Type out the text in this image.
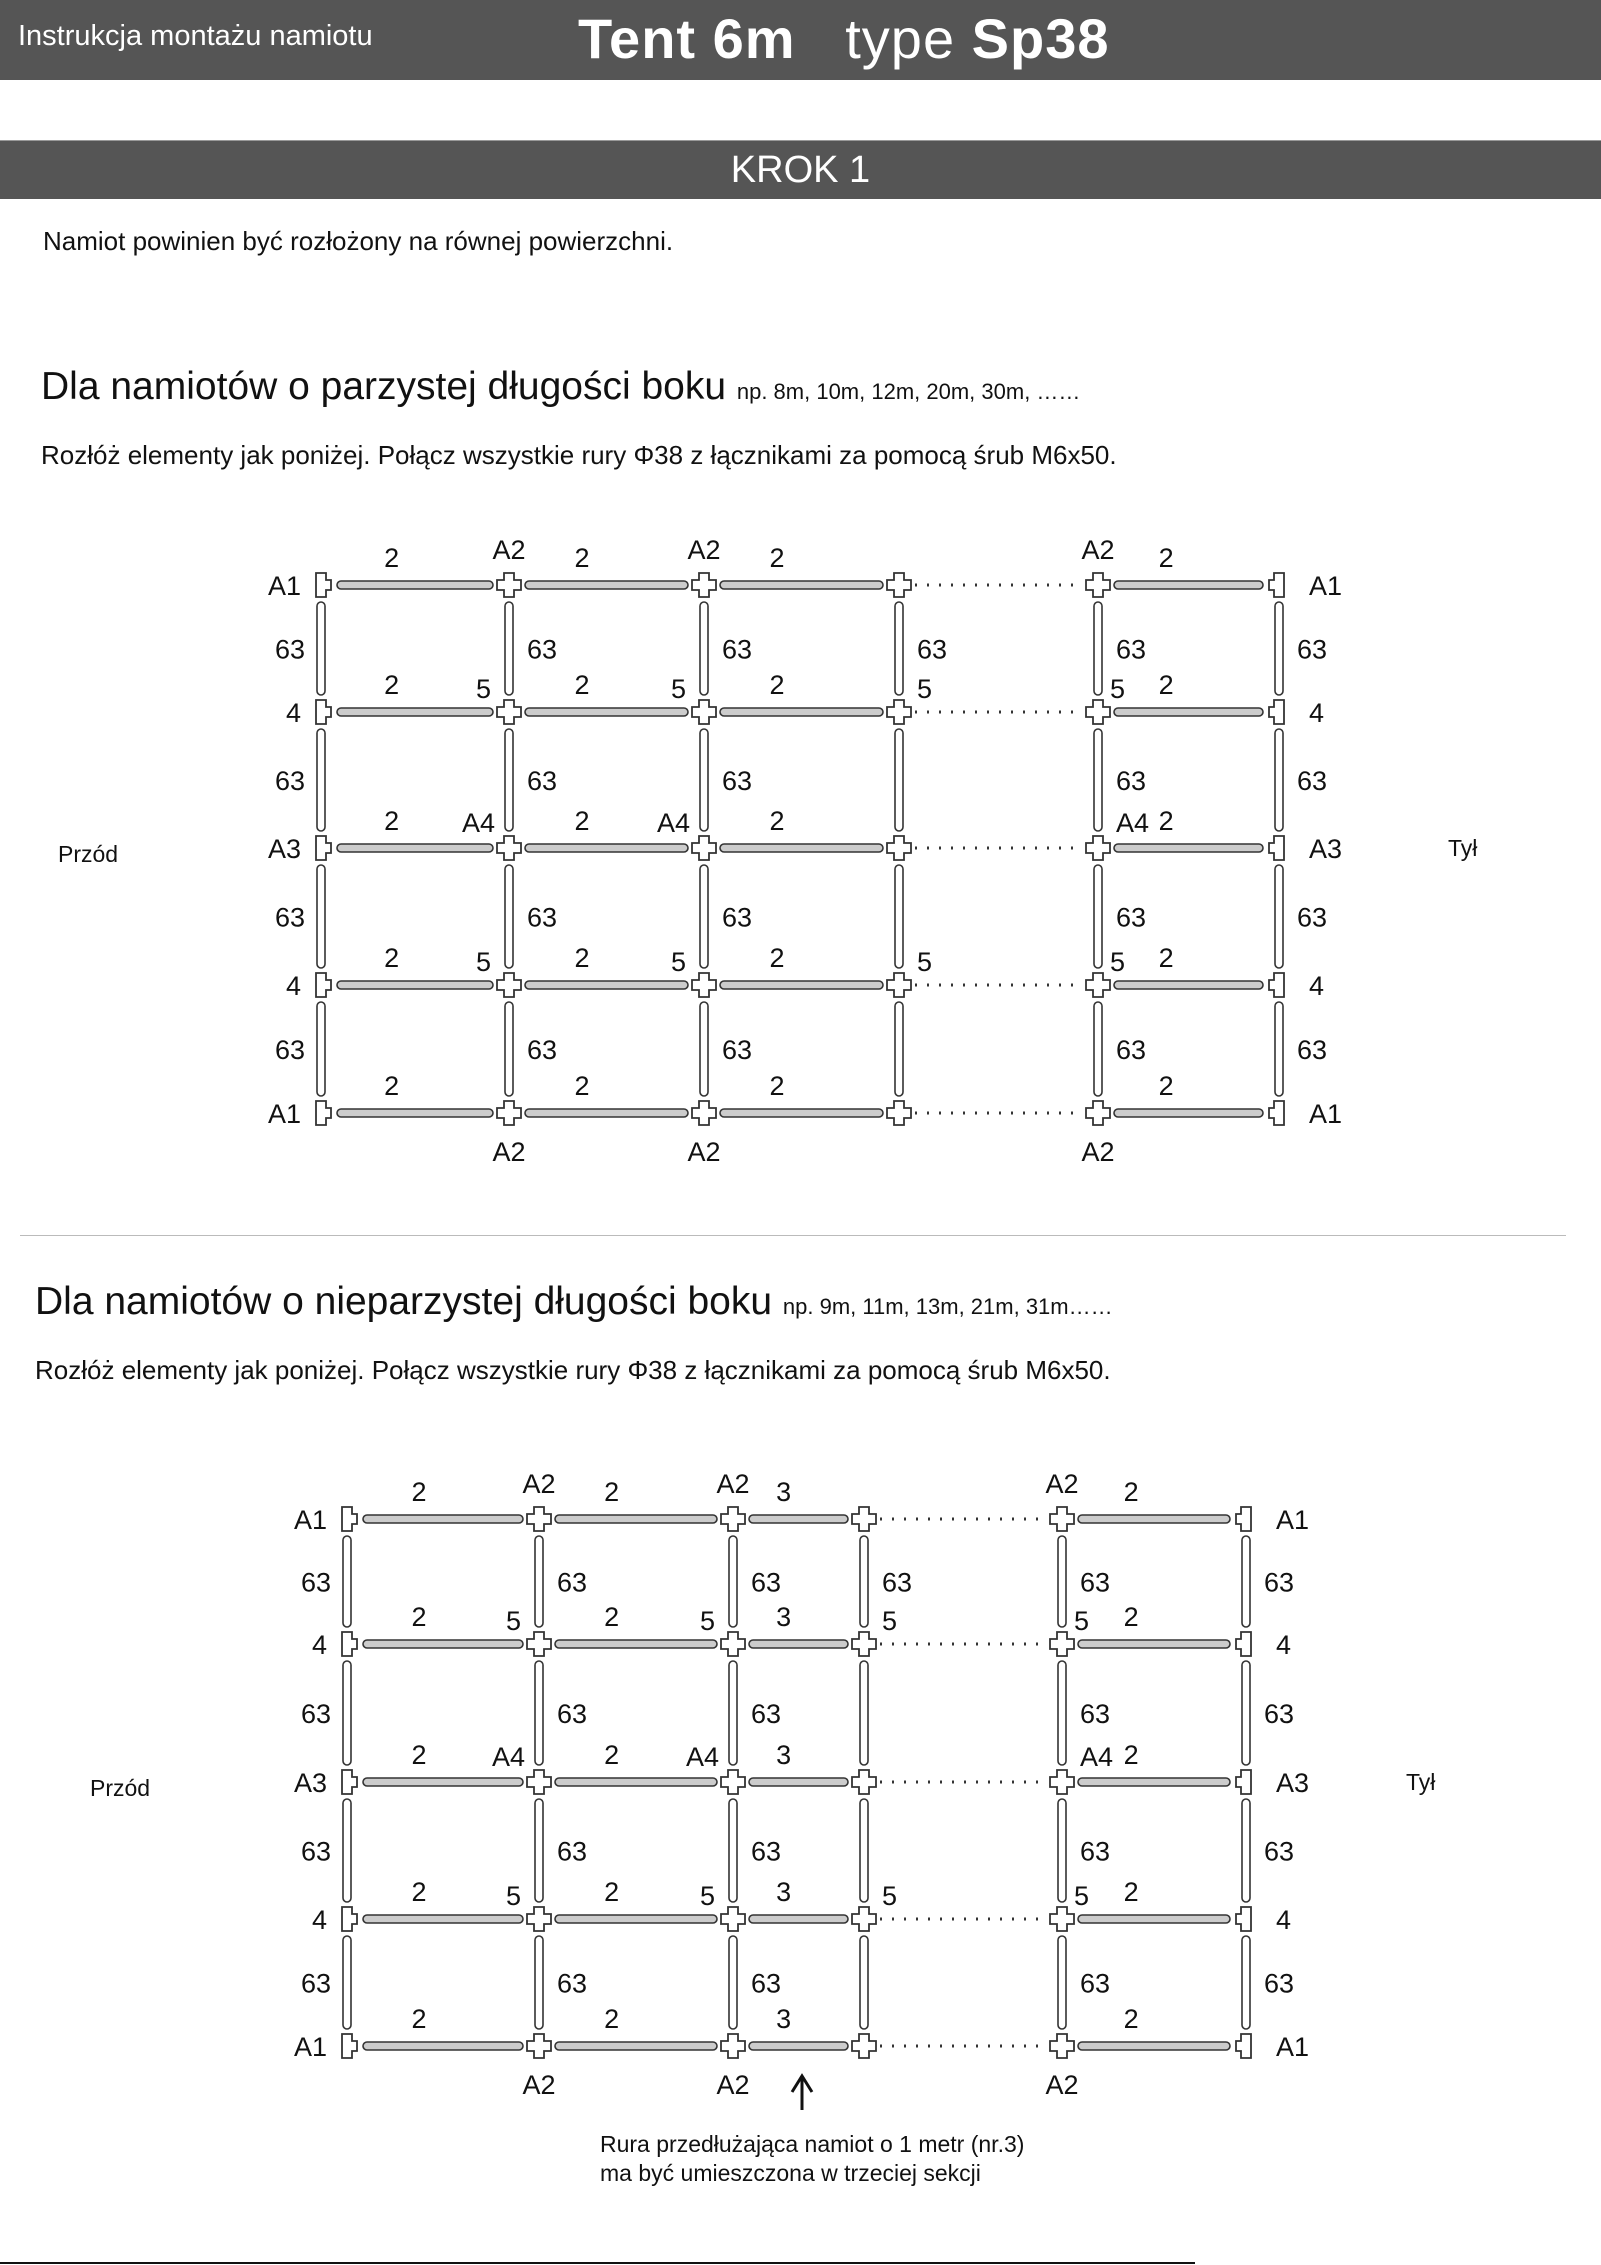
Instrukcja montażu namiotu	Tent 6m type Sp38
KROK 1
Namiot powinien być rozłożony na równej powierzchni.
Dla namiotów o parzystej długości boku np. 8m, 10m, 12m, 20m, 30m, ……
Rozłóż elementy jak poniżej. Połącz wszystkie rury Φ38 z łącznikami za pomocą śrub M6x50.
Dla namiotów o nieparzystej długości boku np. 9m, 11m, 13m, 21m, 31m……
Rozłóż elementy jak poniżej. Połącz wszystkie rury Φ38 z łącznikami za pomocą śrub M6x50.
Rura przedłużająca namiot o 1 metr (nr.3)
ma być umieszczona w trzeciej sekcji
63	63	63	63	63	63
63	63	63	63	63
63	63	63	63	63
63	63	63	63	63
2	2	2	2
A1	A1
2	2	2	2
5	5	5	5
4	4
2	2	2	2
A4	A4	A4
A3	A3
2	2	2	2
5	5	5	5
4	4
2	2	2	2
A1	A1
A2
A2
A2
A2
A2
A2
Przód	Tył
63	63	63	63	63	63
63	63	63	63	63
63	63	63	63	63
63	63	63	63	63
2	2	3	2
A1	A1
2	2	3	2
5	5	5	5
4	4
2	2	3	2
A4	A4	A4
A3	A3
2	2	3	2
5	5	5	5
4	4
2	2	3	2
A1	A1
A2
A2
A2
A2
A2
A2
Przód	Tył
